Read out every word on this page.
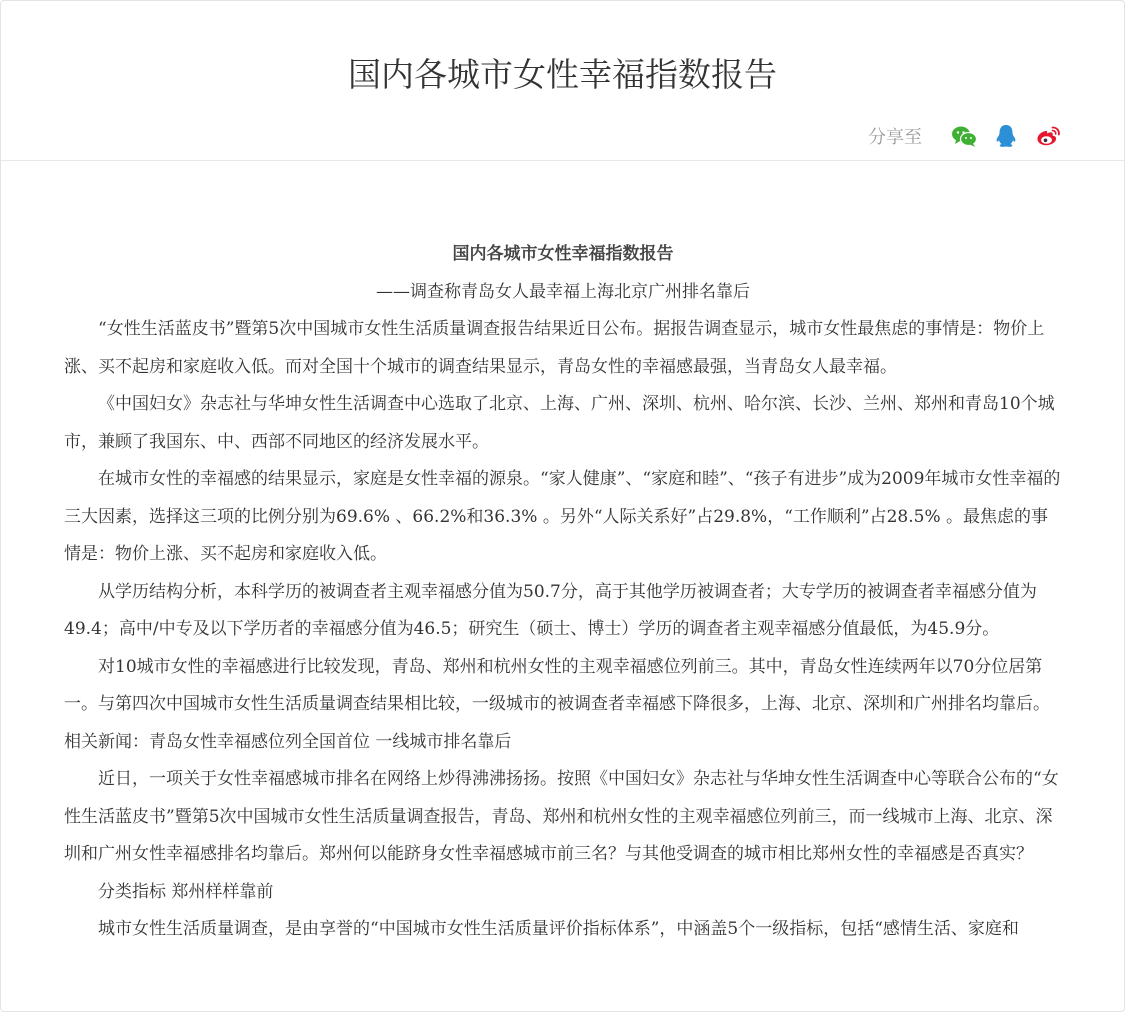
国内各城市女性幸福指数报告
分享至

国内各城市女性幸福指数报告

——调查称青岛女人最幸福上海北京广州排名靠后

“女性生活蓝皮书”暨第5次中国城市女性生活质量调查报告结果近日公布。据报告调查显示，城市女性最焦虑的事情是：物价上涨、买不起房和家庭收入低。而对全国十个城市的调查结果显示，青岛女性的幸福感最强，当青岛女人最幸福。

《中国妇女》杂志社与华坤女性生活调查中心选取了北京、上海、广州、深圳、杭州、哈尔滨、长沙、兰州、郑州和青岛10个城市，兼顾了我国东、中、西部不同地区的经济发展水平。

在城市女性的幸福感的结果显示，家庭是女性幸福的源泉。“家人健康”、“家庭和睦”、“孩子有进步”成为2009年城市女性幸福的三大因素，选择这三项的比例分别为69.6% 、66.2%和36.3% 。另外“人际关系好”占29.8%，“工作顺利”占28.5% 。最焦虑的事情是：物价上涨、买不起房和家庭收入低。

从学历结构分析，本科学历的被调查者主观幸福感分值为50.7分，高于其他学历被调查者；大专学历的被调查者幸福感分值为49.4；高中/中专及以下学历者的幸福感分值为46.5；研究生（硕士、博士）学历的调查者主观幸福感分值最低，为45.9分。

对10城市女性的幸福感进行比较发现，青岛、郑州和杭州女性的主观幸福感位列前三。其中，青岛女性连续两年以70分位居第一。与第四次中国城市女性生活质量调查结果相比较，一级城市的被调查者幸福感下降很多，上海、北京、深圳和广州排名均靠后。

相关新闻：青岛女性幸福感位列全国首位 一线城市排名靠后

近日，一项关于女性幸福感城市排名在网络上炒得沸沸扬扬。按照《中国妇女》杂志社与华坤女性生活调查中心等联合公布的“女性生活蓝皮书”暨第5次中国城市女性生活质量调查报告，青岛、郑州和杭州女性的主观幸福感位列前三，而一线城市上海、北京、深圳和广州女性幸福感排名均靠后。郑州何以能跻身女性幸福感城市前三名？与其他受调查的城市相比郑州女性的幸福感是否真实？

分类指标 郑州样样靠前

城市女性生活质量调查，是由享誉的“中国城市女性生活质量评价指标体系”，中涵盖5个一级指标，包括“感情生活、家庭和
